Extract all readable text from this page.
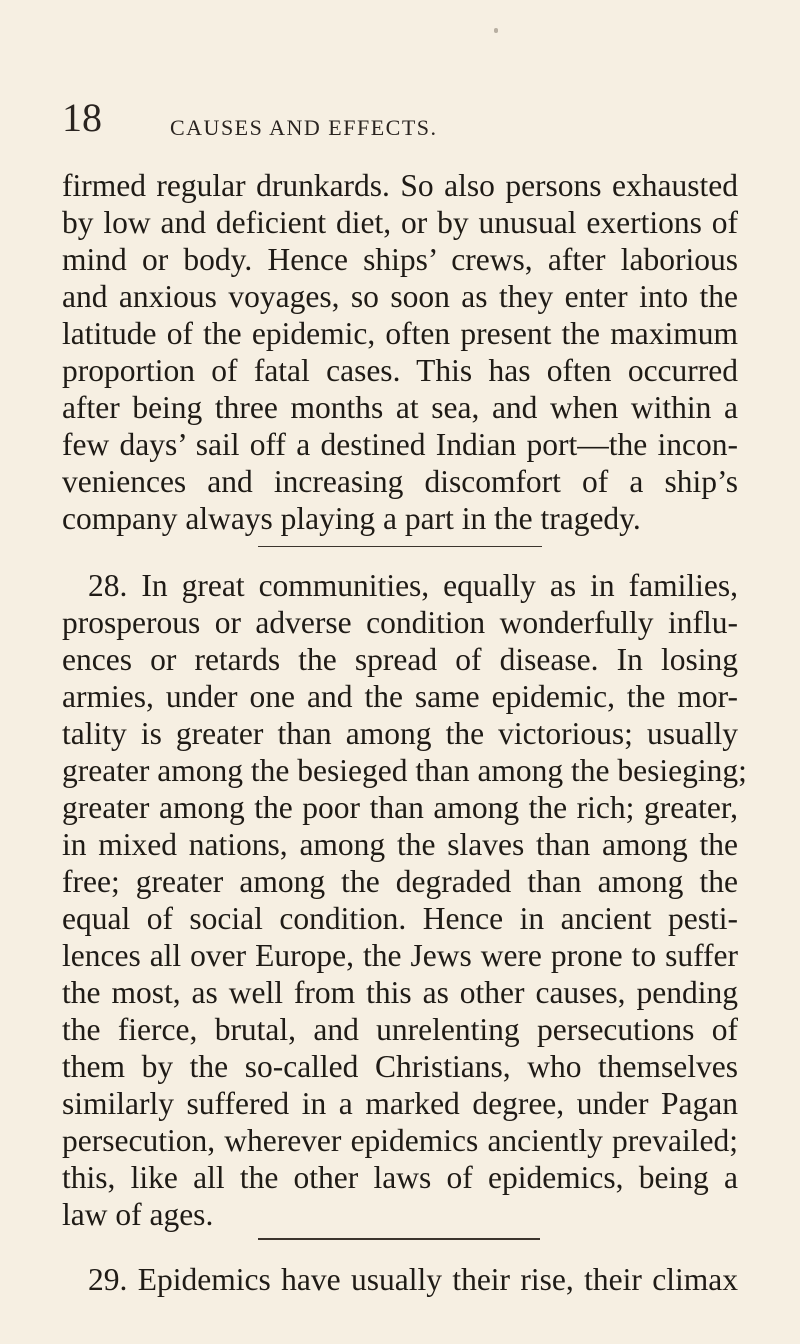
18	CAUSES AND EFFECTS.
firmed regular drunkards. So also persons exhausted
by low and deficient diet, or by unusual exertions of
mind or body. Hence ships’ crews, after laborious
and anxious voyages, so soon as they enter into the
latitude of the epidemic, often present the maximum
proportion of fatal cases. This has often occurred
after being three months at sea, and when within a
few days’ sail off a destined Indian port—the incon-
veniences and increasing discomfort of a ship’s
company always playing a part in the tragedy.
28. In great communities, equally as in families,
prosperous or adverse condition wonderfully influ-
ences or retards the spread of disease. In losing
armies, under one and the same epidemic, the mor-
tality is greater than among the victorious; usually
greater among the besieged than among the besieging;
greater among the poor than among the rich; greater,
in mixed nations, among the slaves than among the
free; greater among the degraded than among the
equal of social condition. Hence in ancient pesti-
lences all over Europe, the Jews were prone to suffer
the most, as well from this as other causes, pending
the fierce, brutal, and unrelenting persecutions of
them by the so-called Christians, who themselves
similarly suffered in a marked degree, under Pagan
persecution, wherever epidemics anciently prevailed;
this, like all the other laws of epidemics, being a
law of ages.
29. Epidemics have usually their rise, their climax
